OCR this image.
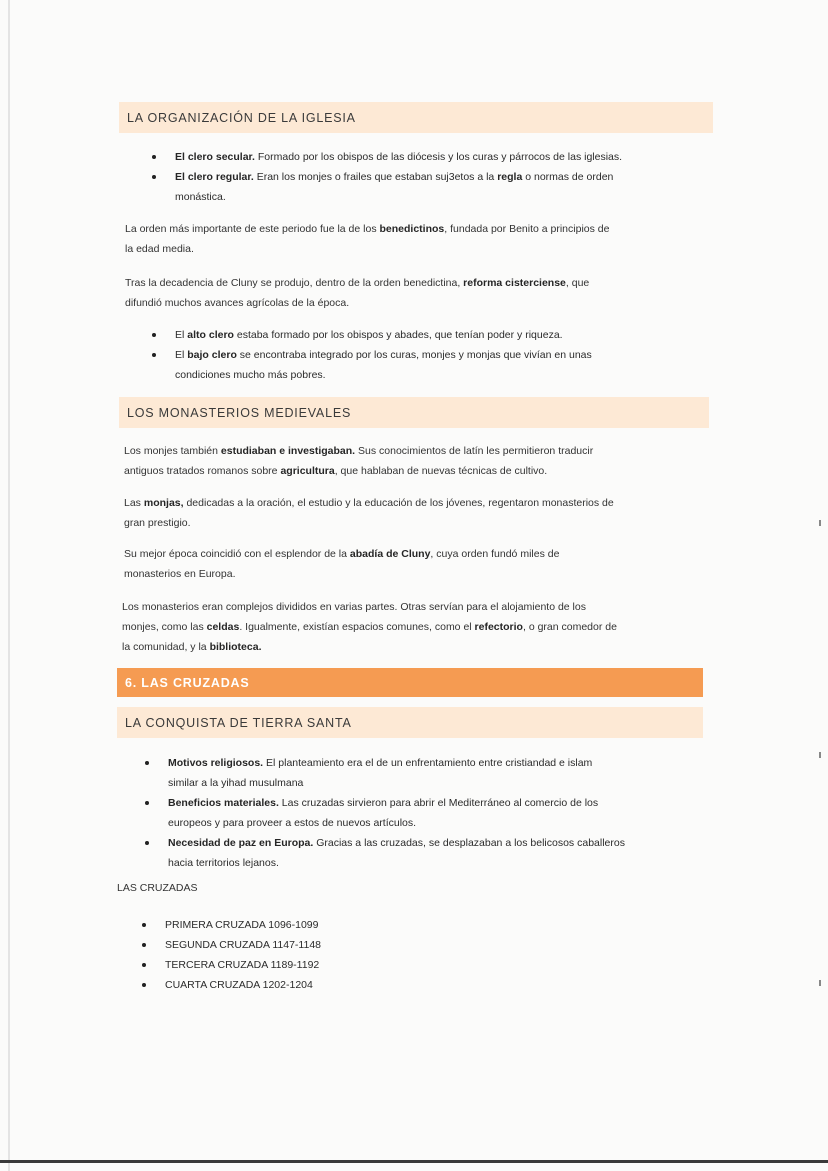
LA ORGANIZACIÓN DE LA IGLESIA
El clero secular. Formado por los obispos de las diócesis y los curas y párrocos de las iglesias.
El clero regular. Eran los monjes o frailes que estaban suj3etos a la regla o normas de orden
monástica.

La orden más importante de este periodo fue la de los benedictinos, fundada por Benito a principios de
la edad media.

Tras la decadencia de Cluny se produjo, dentro de la orden benedictina, reforma cisterciense, que
difundió muchos avances agrícolas de la época.

El alto clero estaba formado por los obispos y abades, que tenían poder y riqueza.
El bajo clero se encontraba integrado por los curas, monjes y monjas que vivían en unas
condiciones mucho más pobres.
LOS MONASTERIOS MEDIEVALES

Los monjes también estudiaban e investigaban. Sus conocimientos de latín les permitieron traducir
antiguos tratados romanos sobre agricultura, que hablaban de nuevas técnicas de cultivo.

Las monjas, dedicadas a la oración, el estudio y la educación de los jóvenes, regentaron monasterios de
gran prestigio.

Su mejor época coincidió con el esplendor de la abadía de Cluny, cuya orden fundó miles de
monasterios en Europa.

Los monasterios eran complejos divididos en varias partes. Otras servían para el alojamiento de los
monjes, como las celdas. Igualmente, existían espacios comunes, como el refectorio, o gran comedor de
la comunidad, y la biblioteca.

6. LAS CRUZADAS
LA CONQUISTA DE TIERRA SANTA
Motivos religiosos. El planteamiento era el de un enfrentamiento entre cristiandad e islam
similar a la yihad musulmana
Beneficios materiales. Las cruzadas sirvieron para abrir el Mediterráneo al comercio de los
europeos y para proveer a estos de nuevos artículos.
Necesidad de paz en Europa. Gracias a las cruzadas, se desplazaban a los belicosos caballeros
hacia territorios lejanos.
LAS CRUZADAS
PRIMERA CRUZADA 1096-1099
SEGUNDA CRUZADA 1147-1148
TERCERA CRUZADA 1189-1192
CUARTA CRUZADA 1202-1204
